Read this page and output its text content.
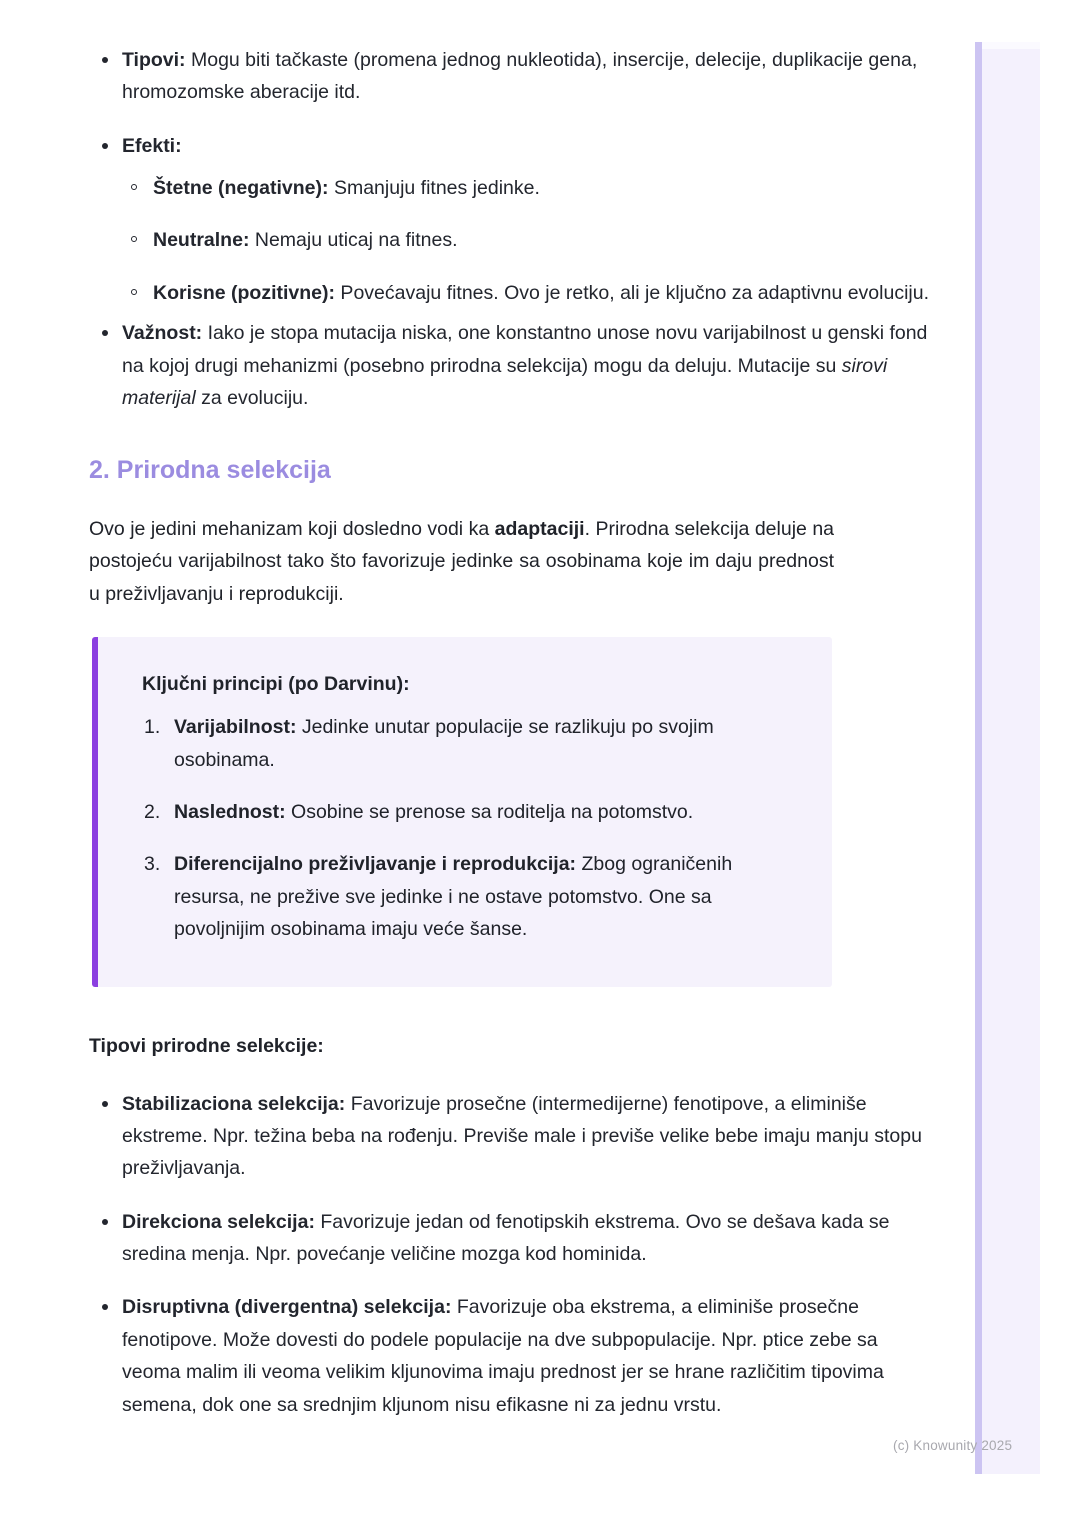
Tipovi: Mogu biti tačkaste (promena jednog nukleotida), insercije, delecije, duplikacije gena, hromozomske aberacije itd.
Efekti:
Štetne (negativne): Smanjuju fitnes jedinke.
Neutralne: Nemaju uticaj na fitnes.
Korisne (pozitivne): Povećavaju fitnes. Ovo je retko, ali je ključno za adaptivnu evoluciju.
Važnost: Iako je stopa mutacija niska, one konstantno unose novu varijabilnost u genski fond na kojoj drugi mehanizmi (posebno prirodna selekcija) mogu da deluju. Mutacije su sirovi materijal za evoluciju.
2. Prirodna selekcija

Ovo je jedini mehanizam koji dosledno vodi ka adaptaciji. Prirodna selekcija deluje na postojeću varijabilnost tako što favorizuje jedinke sa osobinama koje im daju prednost u preživljavanju i reprodukciji.

Ključni principi (po Darvinu):

Varijabilnost: Jedinke unutar populacije se razlikuju po svojim osobinama.
Naslednost: Osobine se prenose sa roditelja na potomstvo.
Diferencijalno preživljavanje i reprodukcija: Zbog ograničenih resursa, ne prežive sve jedinke i ne ostave potomstvo. One sa povoljnijim osobinama imaju veće šanse.

Tipovi prirodne selekcije:

Stabilizaciona selekcija: Favorizuje prosečne (intermedijerne) fenotipove, a eliminiše ekstreme. Npr. težina beba na rođenju. Previše male i previše velike bebe imaju manju stopu preživljavanja.
Direkciona selekcija: Favorizuje jedan od fenotipskih ekstrema. Ovo se dešava kada se sredina menja. Npr. povećanje veličine mozga kod hominida.
Disruptivna (divergentna) selekcija: Favorizuje oba ekstrema, a eliminiše prosečne fenotipove. Može dovesti do podele populacije na dve subpopulacije. Npr. ptice zebe sa veoma malim ili veoma velikim kljunovima imaju prednost jer se hrane različitim tipovima semena, dok one sa srednjim kljunom nisu efikasne ni za jednu vrstu.
(c) Knowunity 2025
